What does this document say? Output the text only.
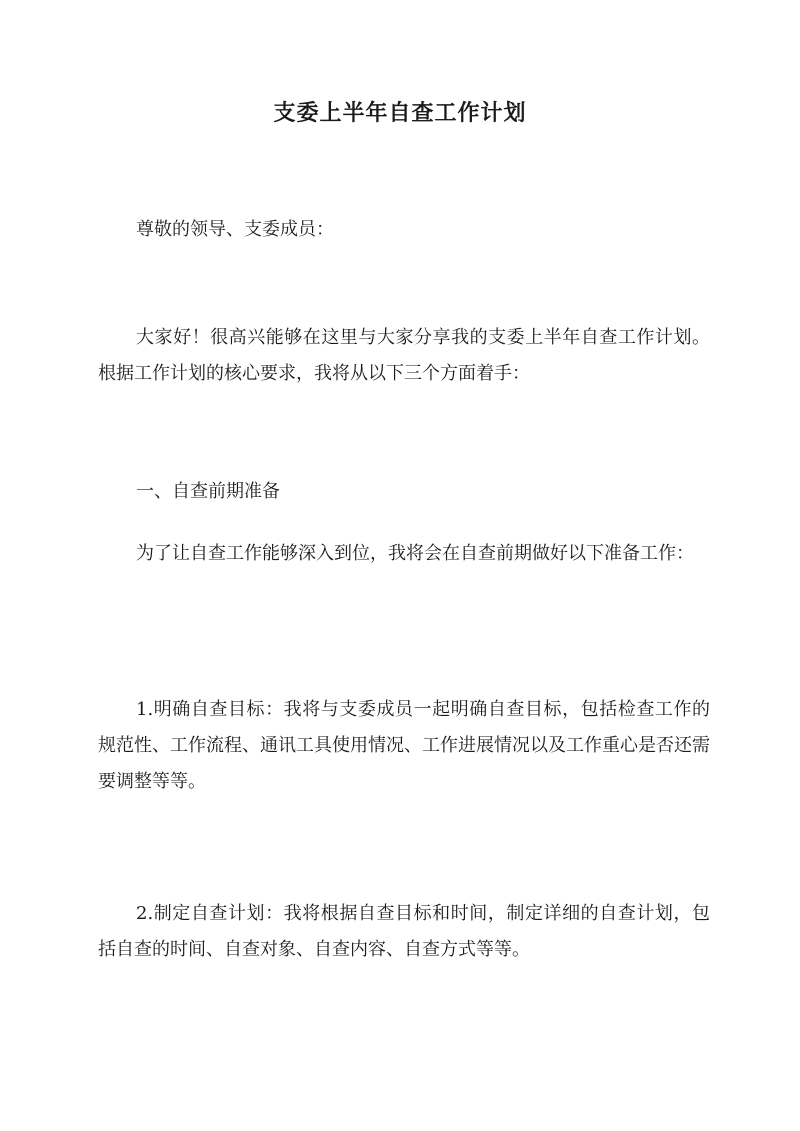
支委上半年自查工作计划
尊敬的领导、支委成员：
大家好！很高兴能够在这里与大家分享我的支委上半年自查工作计划。根据工作计划的核心要求，我将从以下三个方面着手：
一、自查前期准备
为了让自查工作能够深入到位，我将会在自查前期做好以下准备工作：
1.明确自查目标：我将与支委成员一起明确自查目标，包括检查工作的规范性、工作流程、通讯工具使用情况、工作进展情况以及工作重心是否还需要调整等等。
2.制定自查计划：我将根据自查目标和时间，制定详细的自查计划，包括自查的时间、自查对象、自查内容、自查方式等等。
